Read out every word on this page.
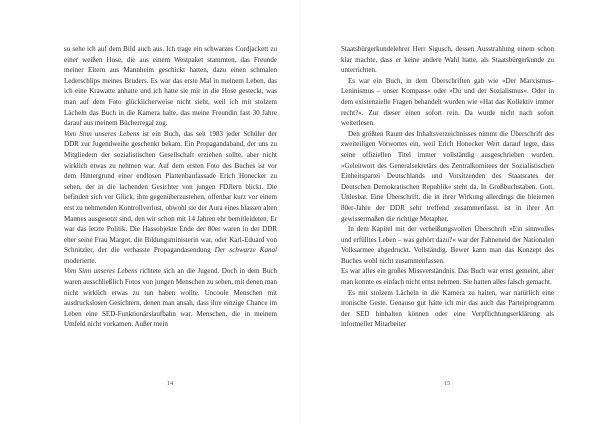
so sehe ich auf dem Bild auch aus. Ich trage ein schwarzes Cordjackett zu einer weißen Hose, die aus einem Westpaket stammten, das Freunde meiner Eltern aus Mannheim geschickt hatten, dazu einen schmalen Lederschlips meines Bruders. Es war das erste Mal in meinem Leben, das ich eine Krawatte anhatte und ich hatte sie mir in die Hose gesteckt, was man auf dem Foto glücklicherweise nicht sieht, weil ich mit stolzem Lächeln das Buch in die Kamera halte, das meine Freundin fast 30 Jahre darauf aus meinem Bücherregal zog.

Vom Sinn unseres Lebens ist ein Buch, das seit 1983 jeder Schüler der DDR zur Jugendweihe geschenkt bekam. Ein Propagandaband, der uns zu Mitgliedern der sozialistischen Gesellschaft erziehen sollte, aber nicht wirklich etwas zu nehmen war. Auf dem ersten Foto des Buches ist vor dem Hintergrund einer endlosen Plattenbaufassade Erich Honecker zu sehen, der in die lachenden Gesichter von jungen FDJlern blickt. Die befinden sich vor Glück, ihm gegenüberzustehen, offenbar kurz vor einem erst zu nehmenden Kontrollverlust, obwohl sie der Aura eines blassen alten Mannes ausgesetzt sind, den wir schon mit 14 Jahren ehr bemitleideten. Er war das letzte Politik. Die Hassobjekte Ende der 80er waren in der DDR eher seine Frau Margot, die Bildungsministerin war, oder Karl-Eduard von Schnitzler, der die verhasste Propagandasendung Der schwarze Kanal moderierte.

Vom Sinn unseres Lebens richtete sich an die Jugend. Doch in dem Buch waren ausschließlich Fotos von jungen Menschen zu sehen, mit denen man nicht wirklich etwas zu tun haben wollte. Uncoole Menschen mit ausdruckslosen Gesichtern, denen man ansah, dass ihre einzige Chance im Leben eine SED-Funktionärslaufbahn war. Menschen, die in meinem Umfeld nicht vorkamen. Außer mein

14

Staatsbürgerkundelehrer Herr Sigusch, dessen Ausstrahlung einem schon klar machte, dass er keine andere Wahl hatte, als Staatsbürgerkunde zu unterrichten.

Es war ein Buch, in dem Überschriften gab wie »Der Marxismus-Leninismus – unser Kompass« oder »Du und der Sozialismus«. Oder in dem existenzielle Fragen behandelt wurden wie »Hat das Kollektiv immer recht?«. Zur dieser einen sofort rein. Da wurde nicht nach sofort weiterlesen.

Den größten Raum des Inhaltsverzeichnisses nimmt die Überschrift des zweiteiligen Vorwortes ein, weil Erich Honecker Wert darauf legte, dass seine offiziellen Titel immer vollständig ausgeschrieben wurden. »Geleitwort des Generalsekretärs des Zentralkomitees der Sozialistischen Einheitspartei Deutschlands und Vorsitzenden des Staatsrates der Deutschen Demokratischen Republik« steht da. In Großbuchstaben. Gott. Unlesbar. Eine Überschrift, die in ihrer Wirkung allerdings die bleiernen 80er-Jahre der DDR sehr treffend zusammenfasst. ist in ihrer Art gewissermaßen die richtige Metapher.

In dem Kapitel mit der verheißungsvollen Überschrift »Ein sinnvolles und erfülltes Leben – was gehört dazu?« war der Fahneneid der Nationalen Volksarmee abgedruckt. Vollständig. Bewer kann man das Konzept des Buches wohl nicht zusammenfassen.

Es war alles ein großes Missverständnis. Das Buch war ernst gemeint, aber man konnte es einfach nicht ernst nehmen. Sie hatten alles falsch gemacht.

Es mit stolzem Lächeln in die Kamera zu halten, war natürlich eine ironische Geste. Genauso gut hätte ich mir das auch das Parteiprogramm der SED hinhalten können oder eine Verpflichtungserklärung als informeller Mitarbeiter

15
